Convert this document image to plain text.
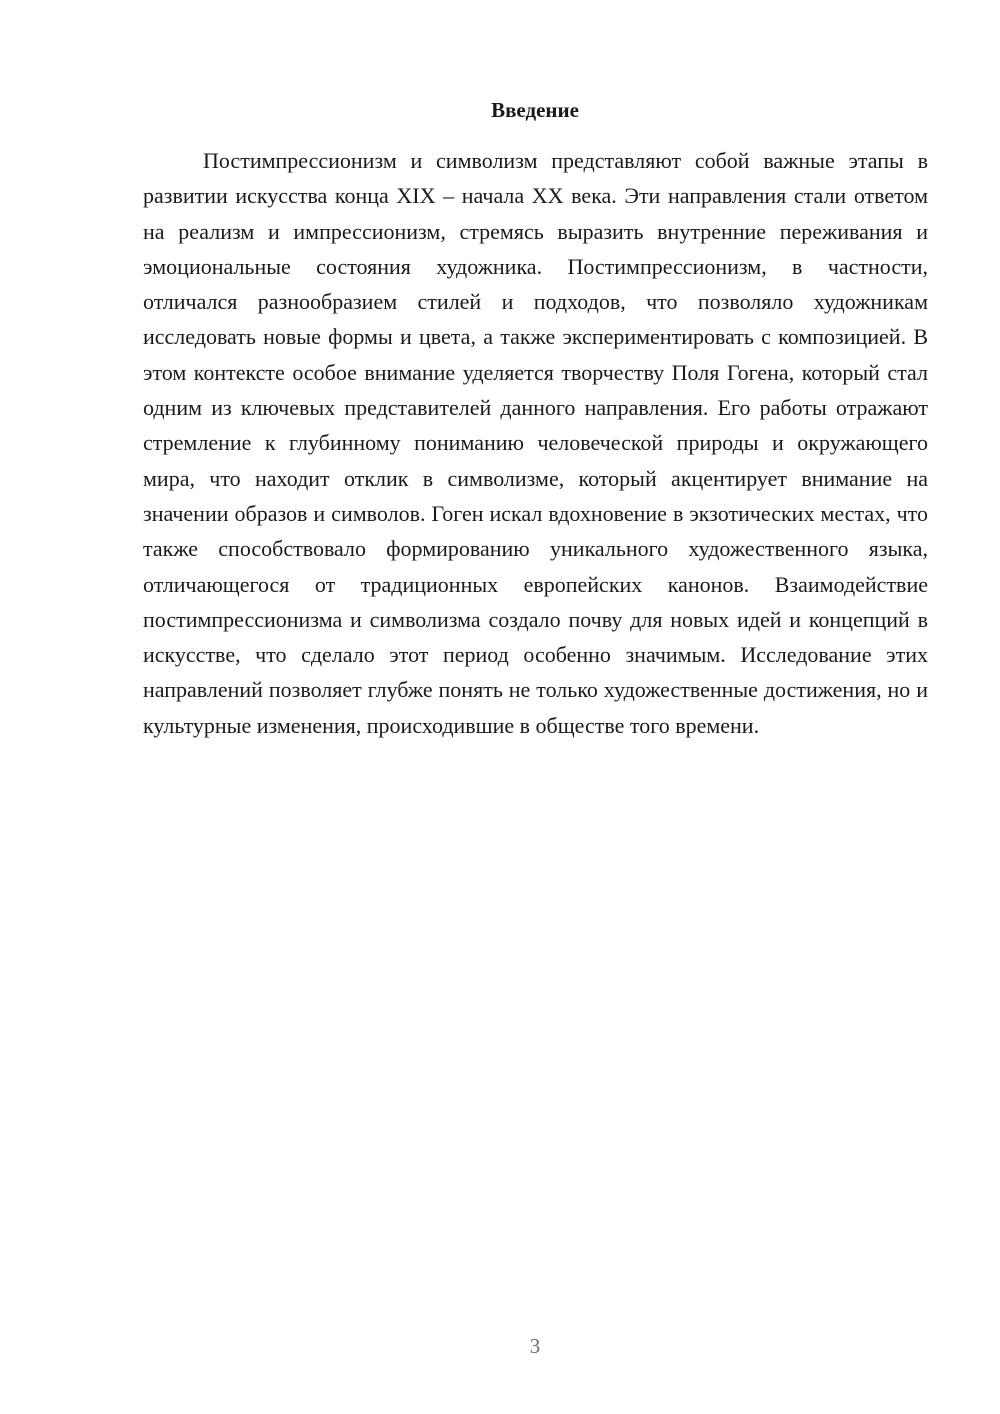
Введение

Постимпрессионизм и символизм представляют собой важные этапы в развитии искусства конца XIX – начала XX века. Эти направления стали ответом на реализм и импрессионизм, стремясь выразить внутренние переживания и эмоциональные состояния художника. Постимпрессионизм, в частности, отличался разнообразием стилей и подходов, что позволяло художникам исследовать новые формы и цвета, а также экспериментировать с композицией. В этом контексте особое внимание уделяется творчеству Поля Гогена, который стал одним из ключевых представителей данного направления. Его работы отражают стремление к глубинному пониманию человеческой природы и окружающего мира, что находит отклик в символизме, который акцентирует внимание на значении образов и символов. Гоген искал вдохновение в экзотических местах, что также способствовало формированию уникального художественного языка, отличающегося от традиционных европейских канонов. Взаимодействие постимпрессионизма и символизма создало почву для новых идей и концепций в искусстве, что сделало этот период особенно значимым. Исследование этих направлений позволяет глубже понять не только художественные достижения, но и культурные изменения, происходившие в обществе того времени.

3
